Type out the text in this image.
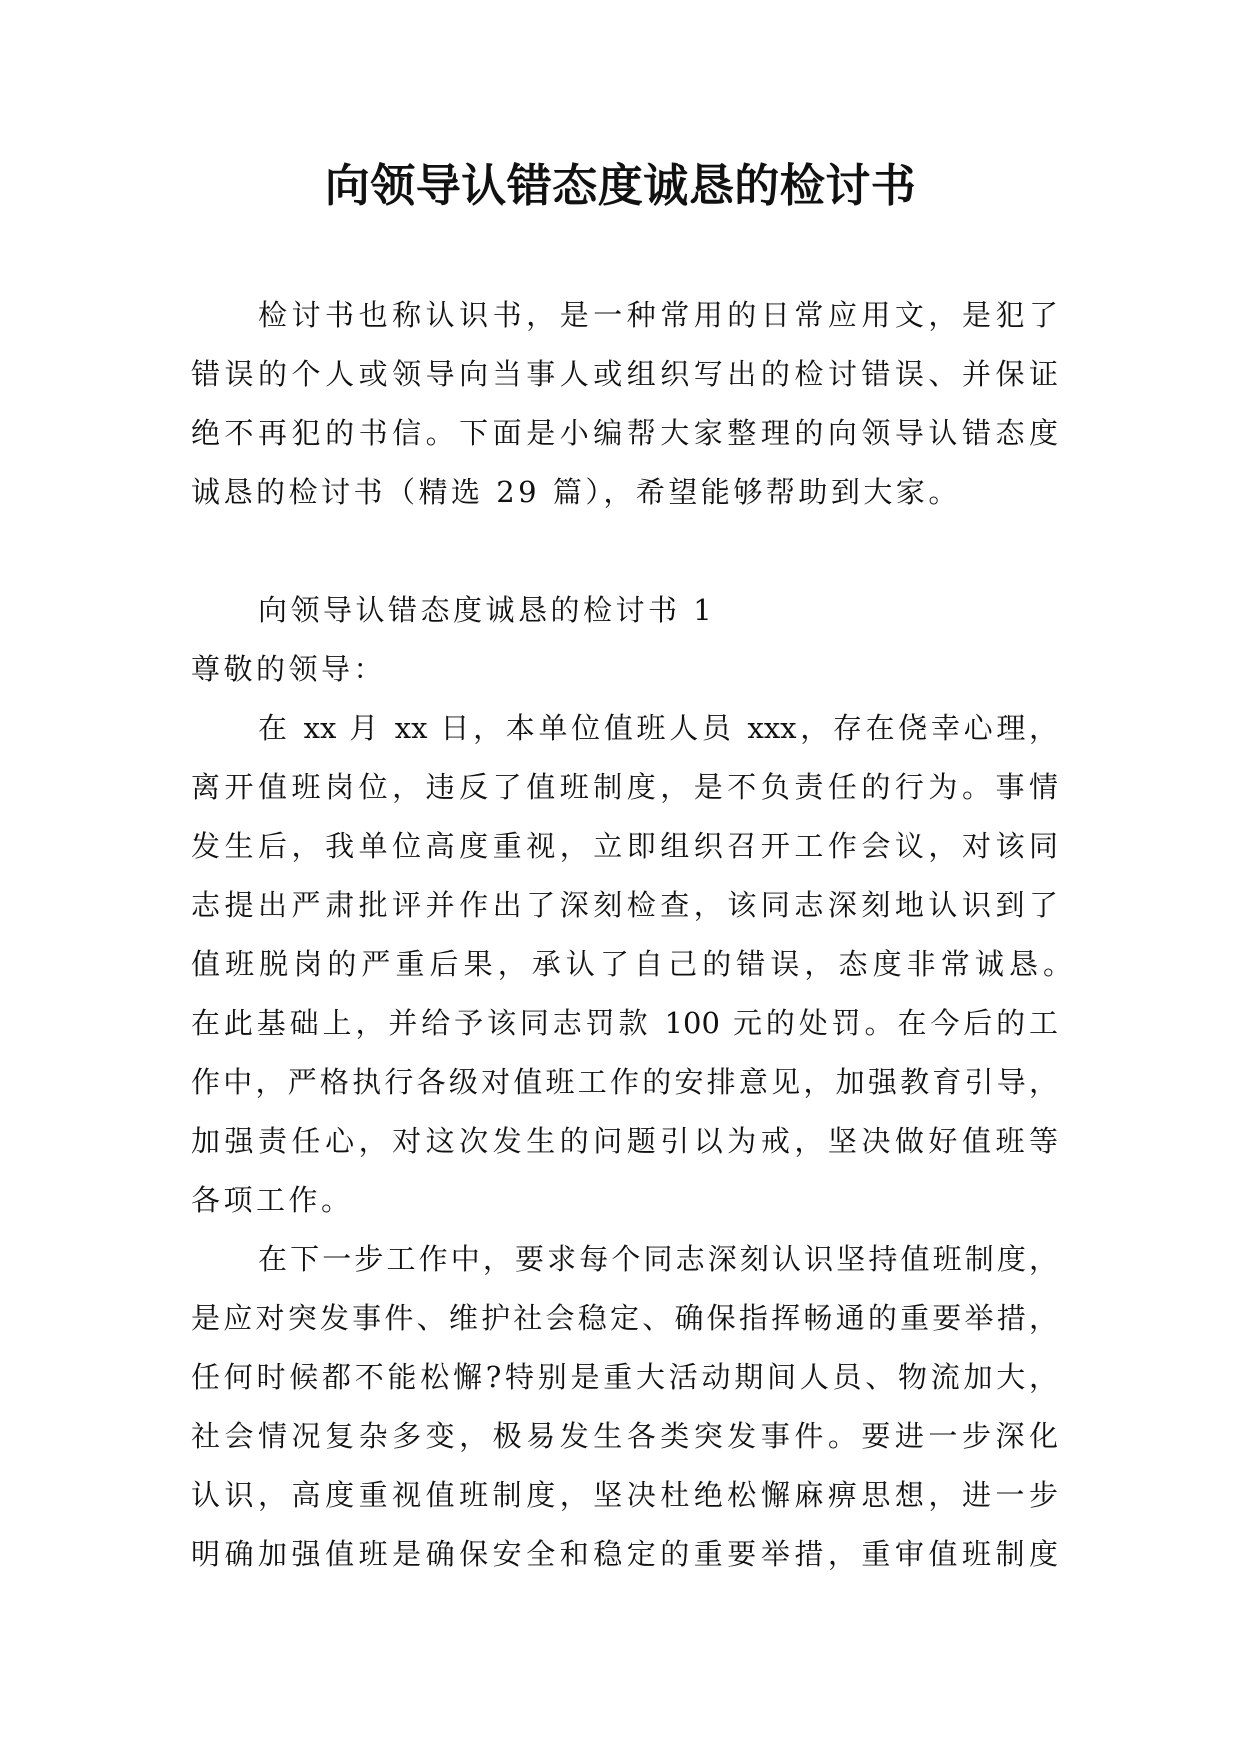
向领导认错态度诚恳的检讨书
检讨书也称认识书，是一种常用的日常应用文，是犯了
错误的个人或领导向当事人或组织写出的检讨错误、并保证
绝不再犯的书信。下面是小编帮大家整理的向领导认错态度
诚恳的检讨书（精选 29 篇），希望能够帮助到大家。
向领导认错态度诚恳的检讨书 1
尊敬的领导：
在 xx 月 xx 日，本单位值班人员 xxx，存在侥幸心理，
离开值班岗位，违反了值班制度，是不负责任的行为。事情
发生后，我单位高度重视，立即组织召开工作会议，对该同
志提出严肃批评并作出了深刻检查，该同志深刻地认识到了
值班脱岗的严重后果，承认了自己的错误，态度非常诚恳。
在此基础上，并给予该同志罚款 100 元的处罚。在今后的工
作中，严格执行各级对值班工作的安排意见，加强教育引导，
加强责任心，对这次发生的问题引以为戒，坚决做好值班等
各项工作。
在下一步工作中，要求每个同志深刻认识坚持值班制度，
是应对突发事件、维护社会稳定、确保指挥畅通的重要举措，
任何时候都不能松懈?特别是重大活动期间人员、物流加大，
社会情况复杂多变，极易发生各类突发事件。要进一步深化
认识，高度重视值班制度，坚决杜绝松懈麻痹思想，进一步
明确加强值班是确保安全和稳定的重要举措，重审值班制度
